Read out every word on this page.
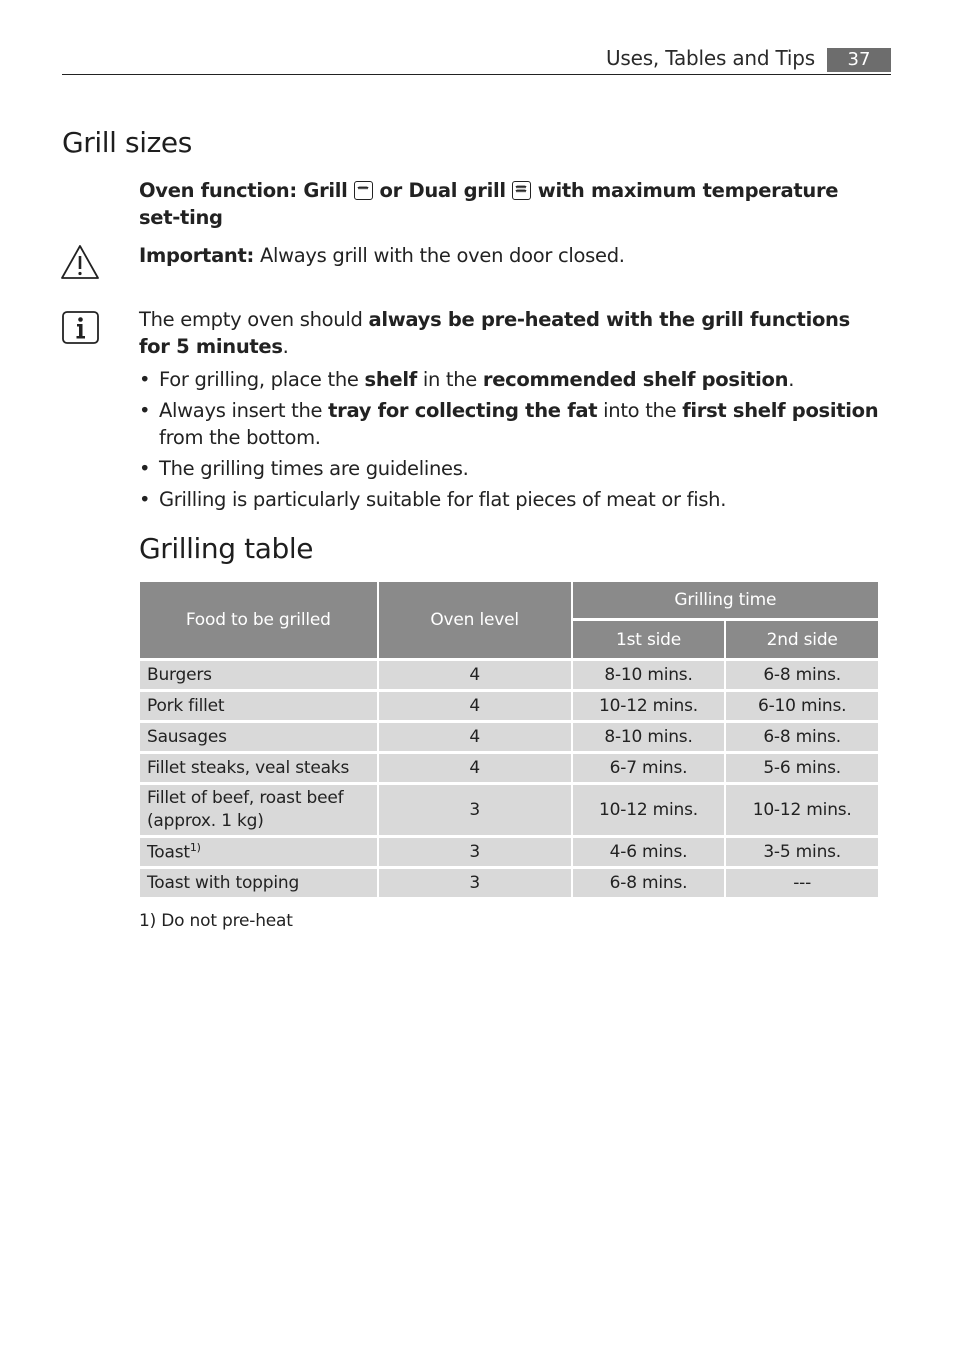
Uses, Tables and Tips	37
Grill sizes
Oven function: Grill or Dual grill with maximum temperature set-ting
Important: Always grill with the oven door closed.
The empty oven should always be pre-heated with the grill functions for 5 minutes.
• For grilling, place the shelf in the recommended shelf position.
• Always insert the tray for collecting the fat into the first shelf position from the bottom.
• The grilling times are guidelines.
• Grilling is particularly suitable for flat pieces of meat or fish.
Grilling table
Food to be grilled	Oven level	Grilling time	
		1st side	2nd side
Burgers	4	8-10 mins.	6-8 mins.
Pork fillet	4	10-12 mins.	6-10 mins.
Sausages	4	8-10 mins.	6-8 mins.
Fillet steaks, veal steaks	4	6-7 mins.	5-6 mins.
Fillet of beef, roast beef (approx. 1 kg)	3	10-12 mins.	10-12 mins.
Toast$^{1)}$	3	4-6 mins.	3-5 mins.
Toast with topping	3	6-8 mins.	---
1) Do not pre-heat
